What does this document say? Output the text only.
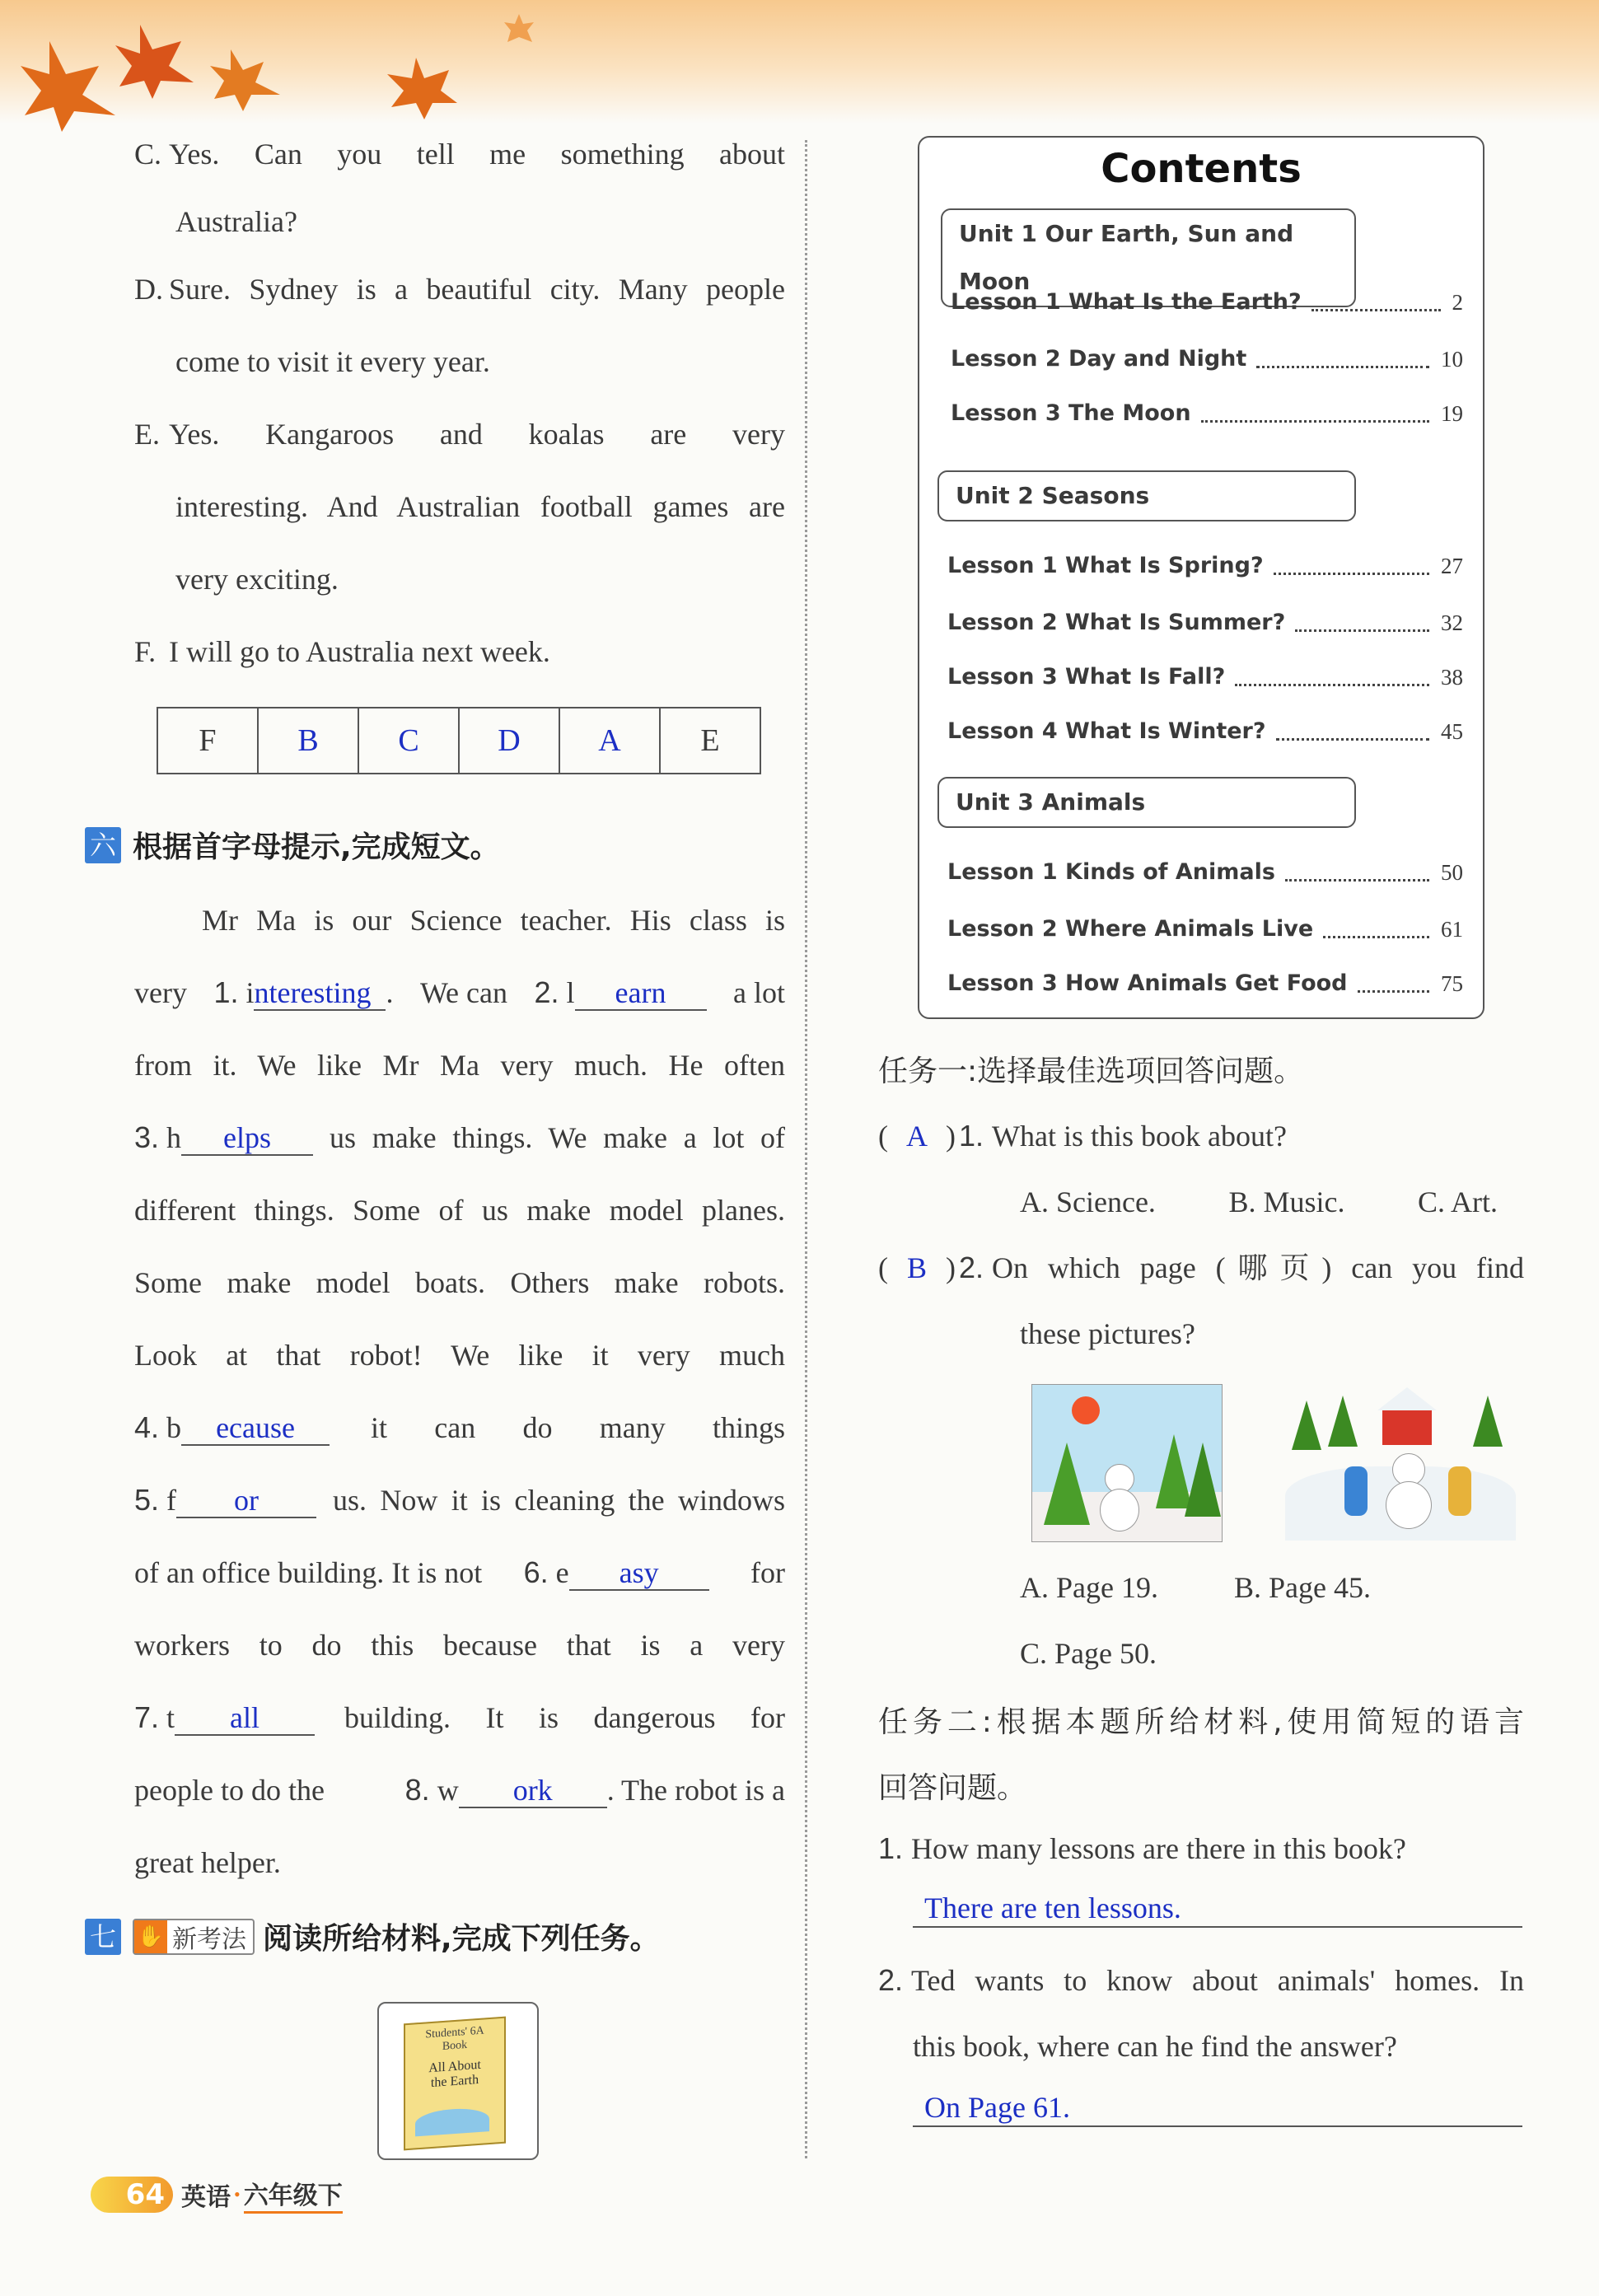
C. Yes. Can you tell me something about
Australia?
D. Sure. Sydney is a beautiful city. Many people
come to visit it every year.
E. Yes. Kangaroos and koalas are very
interesting. And Australian football games are
very exciting.
F. I will go to Australia next week.
F	B	C	D	A	E
六 根据首字母提示,完成短文。
Mr Ma is our Science teacher. His class is
very 1. interesting . We can 2. l earn	a lot
from it. We like Mr Ma very much. He often
3. h elps	us make things. We make a lot of
different things. Some of us make model planes.
Some make model boats. Others make robots.
Look at that robot! We like it very much
4. b ecause	it can do many things
5. f or	us. Now it is cleaning the windows
of an office building. It is not 6. e asy	for
workers to do this because that is a very
7. t all	building. It is dangerous for
people to do the	8. w ork . The robot is a
great helper.
七 ✋ 新考法 阅读所给材料,完成下列任务。
Students' 6A
Book
All About
the Earth
64 英语 • 六年级下
Contents
Unit 1 Our Earth, Sun and Moon
Lesson 1 What Is the Earth?	2
Lesson 2 Day and Night	10
Lesson 3 The Moon	19
Unit 2 Seasons
Lesson 1 What Is Spring?	27
Lesson 2 What Is Summer?	32
Lesson 3 What Is Fall?	38
Lesson 4 What Is Winter?	45
Unit 3 Animals
Lesson 1 Kinds of Animals	50
Lesson 2 Where Animals Live	61
Lesson 3 How Animals Get Food	75
任务一:选择最佳选项回答问题。
( A ) 1. What is this book about?
A. Science. B. Music. C. Art.
( B ) 2. On which page (哪页) can you find
these pictures?
A. Page 19.	B. Page 45.
C. Page 50.
任务二:根据本题所给材料,使用简短的语言
回答问题。
1. How many lessons are there in this book?
There are ten lessons.
2. Ted wants to know about animals' homes. In
this book, where can he find the answer?
On Page 61.
